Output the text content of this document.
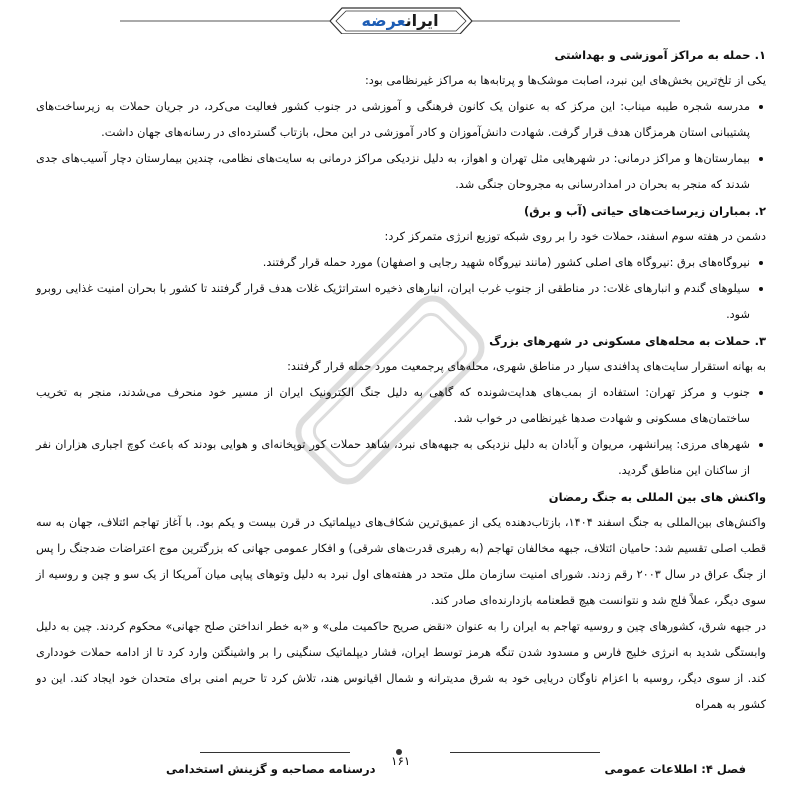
ایرانعرضه
۱. حمله به مراکز آموزشی و بهداشتی

یکی از تلخ‌ترین بخش‌های این نبرد، اصابت موشک‌ها و پرتابه‌ها به مراکز غیرنظامی بود:

مدرسه شجره طیبه میناب: این مرکز که به عنوان یک کانون فرهنگی و آموزشی در جنوب کشور فعالیت می‌کرد، در جریان حملات به زیرساخت‌های پشتیبانی استان هرمزگان هدف قرار گرفت. شهادت دانش‌آموزان و کادر آموزشی در این محل، بازتاب گسترده‌ای در رسانه‌های جهان داشت.
بیمارستان‌ها و مراکز درمانی: در شهرهایی مثل تهران و اهواز، به دلیل نزدیکی مراکز درمانی به سایت‌های نظامی، چندین بیمارستان دچار آسیب‌های جدی شدند که منجر به بحران در امدادرسانی به مجروحان جنگی شد.
۲. بمباران زیرساخت‌های حیاتی (آب و برق)

دشمن در هفته سوم اسفند، حملات خود را بر روی شبکه توزیع انرژی متمرکز کرد:

نیروگاه‌های برق :نیروگاه های اصلی کشور (مانند نیروگاه شهید رجایی و اصفهان) مورد حمله قرار گرفتند.
سیلوهای گندم و انبارهای غلات: در مناطقی از جنوب غرب ایران، انبارهای ذخیره استراتژیک غلات هدف قرار گرفتند تا کشور با بحران امنیت غذایی روبرو شود.
۳. حملات به محله‌های مسکونی در شهرهای بزرگ

به بهانه استقرار سایت‌های پدافندی سیار در مناطق شهری، محله‌های پرجمعیت مورد حمله قرار گرفتند:

جنوب و مرکز تهران: استفاده از بمب‌های هدایت‌شونده که گاهی به دلیل جنگ الکترونیک ایران از مسیر خود منحرف می‌شدند، منجر به تخریب ساختمان‌های مسکونی و شهادت صدها غیرنظامی در خواب شد.
شهرهای مرزی: پیرانشهر، مریوان و آبادان به دلیل نزدیکی به جبهه‌های نبرد، شاهد حملات کور توپخانه‌ای و هوایی بودند که باعث کوچ اجباری هزاران نفر از ساکنان این مناطق گردید.
واکنش های بین المللی به جنگ رمضان

واکنش‌های بین‌المللی به جنگ اسفند ۱۴۰۴، بازتاب‌دهنده یکی از عمیق‌ترین شکاف‌های دیپلماتیک در قرن بیست و یکم بود. با آغاز تهاجم ائتلاف، جهان به سه قطب اصلی تقسیم شد: حامیان ائتلاف، جبهه مخالفان تهاجم (به رهبری قدرت‌های شرقی) و افکار عمومی جهانی که بزرگترین موج اعتراضات ضدجنگ را پس از جنگ عراق در سال ۲۰۰۳ رقم زدند. شورای امنیت سازمان ملل متحد در هفته‌های اول نبرد به دلیل وتوهای پیاپی میان آمریکا از یک سو و چین و روسیه از سوی دیگر، عملاً فلج شد و نتوانست هیچ قطعنامه بازدارنده‌ای صادر کند.

در جبهه شرق، کشورهای چین و روسیه تهاجم به ایران را به عنوان «نقض صریح حاکمیت ملی» و «به خطر انداختن صلح جهانی» محکوم کردند. چین به دلیل وابستگی شدید به انرژی خلیج فارس و مسدود شدن تنگه هرمز توسط ایران، فشار دیپلماتیک سنگینی را بر واشینگتن وارد کرد تا از ادامه حملات خودداری کند. از سوی دیگر، روسیه با اعزام ناوگان دریایی خود به شرق مدیترانه و شمال اقیانوس هند، تلاش کرد تا حریم امنی برای متحدان خود ایجاد کند. این دو کشور به همراه

فصل ۴: اطلاعات عمومی
۱۶۱
درسنامه مصاحبه و گزینش استخدامی
